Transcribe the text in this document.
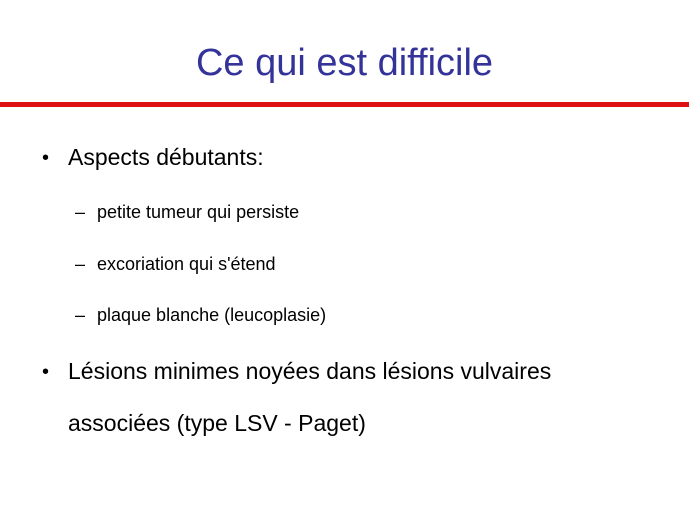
Ce qui est difficile
• Aspects débutants:
– petite tumeur qui persiste
– excoriation qui s'étend
– plaque blanche (leucoplasie)
• Lésions minimes noyées dans lésions vulvaires
associées (type LSV - Paget)
